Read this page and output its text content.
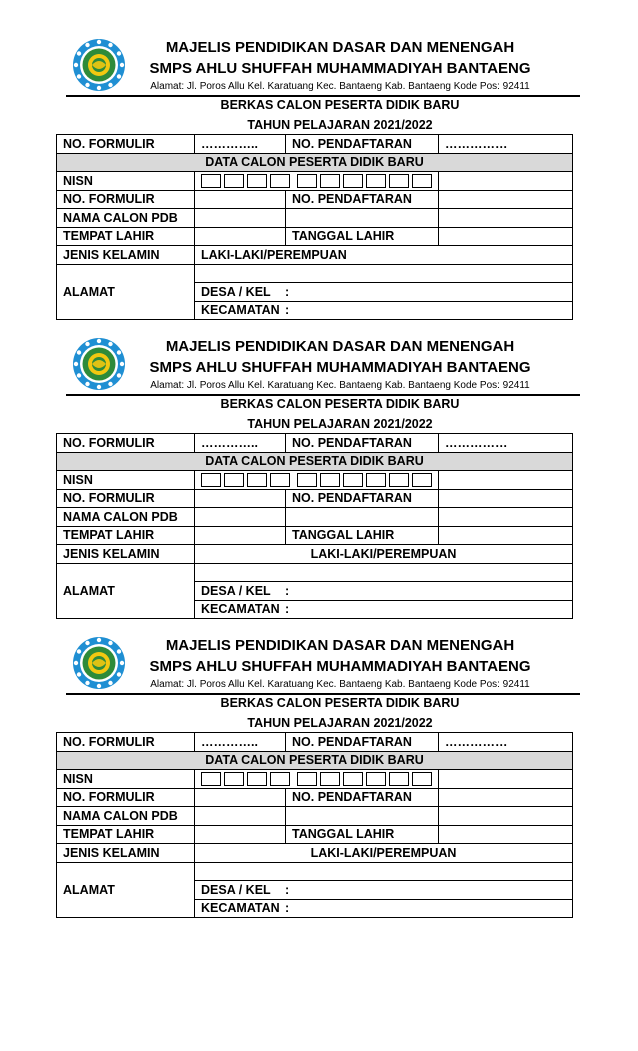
MAJELIS PENDIDIKAN DASAR DAN MENENGAH
SMPS AHLU SHUFFAH MUHAMMADIYAH BANTAENG
Alamat: Jl. Poros Allu Kel. Karatuang Kec. Bantaeng Kab. Bantaeng Kode Pos: 92411
BERKAS CALON PESERTA DIDIK BARU
TAHUN PELAJARAN 2021/2022
NO. FORMULIR	…………..	NO. PENDAFTARAN	……………
DATA CALON PESERTA DIDIK BARU			
NISN			
NO. FORMULIR		NO. PENDAFTARAN	
NAMA CALON PDB			
TEMPAT LAHIR		TANGGAL LAHIR	
JENIS KELAMIN	LAKI-LAKI/PEREMPUAN		
ALAMAT			
	DESA / KEL :		
	KECAMATAN :		
MAJELIS PENDIDIKAN DASAR DAN MENENGAH
SMPS AHLU SHUFFAH MUHAMMADIYAH BANTAENG
Alamat: Jl. Poros Allu Kel. Karatuang Kec. Bantaeng Kab. Bantaeng Kode Pos: 92411
BERKAS CALON PESERTA DIDIK BARU
TAHUN PELAJARAN 2021/2022
NO. FORMULIR	…………..	NO. PENDAFTARAN	……………
DATA CALON PESERTA DIDIK BARU			
NISN			
NO. FORMULIR		NO. PENDAFTARAN	
NAMA CALON PDB			
TEMPAT LAHIR		TANGGAL LAHIR	
JENIS KELAMIN	LAKI-LAKI/PEREMPUAN		
ALAMAT			
	DESA / KEL :		
	KECAMATAN :		
MAJELIS PENDIDIKAN DASAR DAN MENENGAH
SMPS AHLU SHUFFAH MUHAMMADIYAH BANTAENG
Alamat: Jl. Poros Allu Kel. Karatuang Kec. Bantaeng Kab. Bantaeng Kode Pos: 92411
BERKAS CALON PESERTA DIDIK BARU
TAHUN PELAJARAN 2021/2022
NO. FORMULIR	…………..	NO. PENDAFTARAN	……………
DATA CALON PESERTA DIDIK BARU			
NISN			
NO. FORMULIR		NO. PENDAFTARAN	
NAMA CALON PDB			
TEMPAT LAHIR		TANGGAL LAHIR	
JENIS KELAMIN	LAKI-LAKI/PEREMPUAN		
ALAMAT			
	DESA / KEL :		
	KECAMATAN :		
